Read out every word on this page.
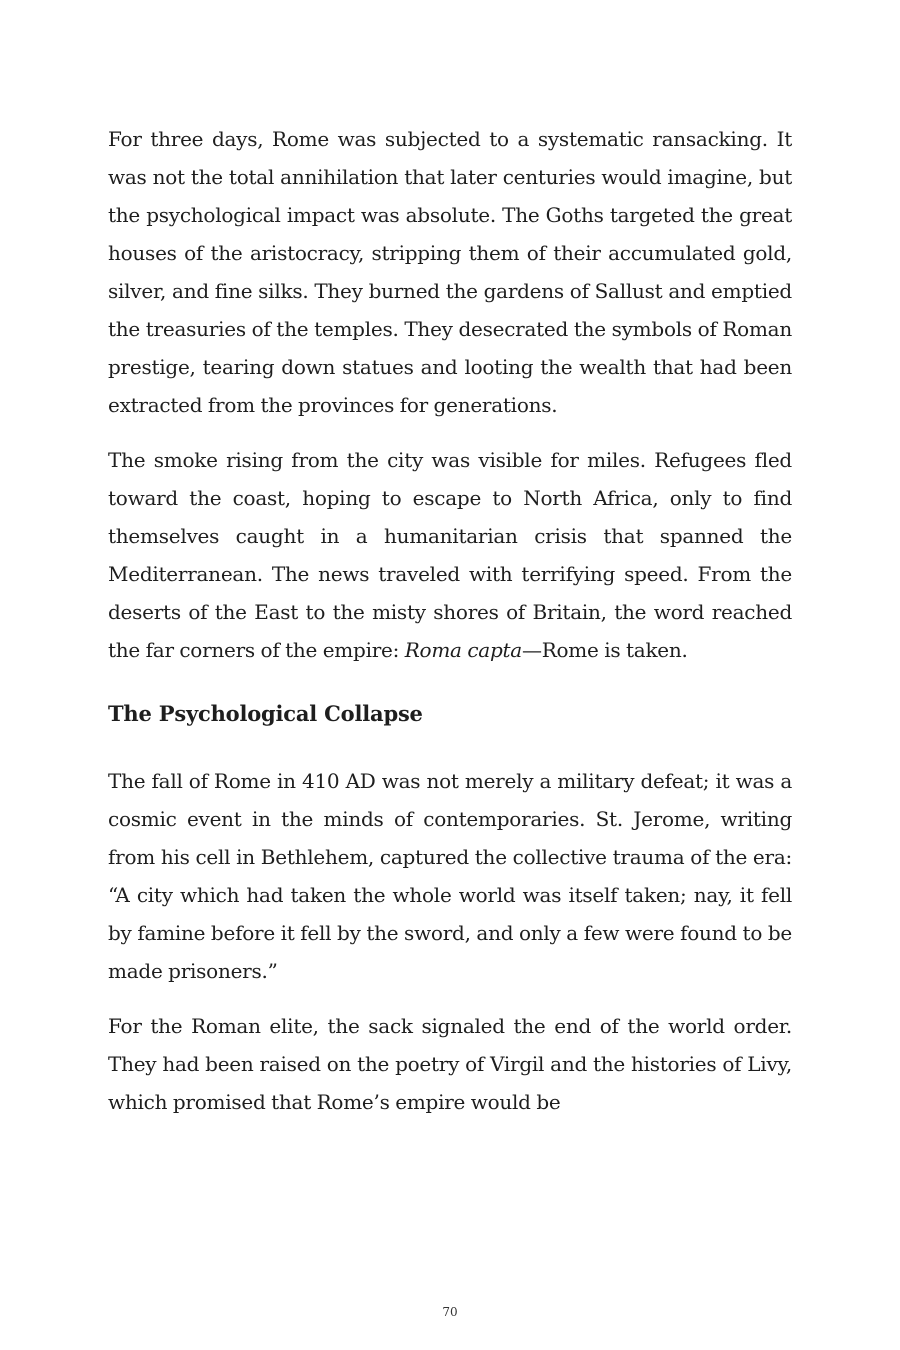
For three days, Rome was subjected to a systematic ransacking. It was not the total annihilation that later centuries would imagine, but the psychological impact was absolute. The Goths targeted the great houses of the aristocracy, stripping them of their accumulated gold, silver, and fine silks. They burned the gardens of Sallust and emptied the treasuries of the temples. They desecrated the symbols of Roman prestige, tearing down statues and looting the wealth that had been extracted from the provinces for generations.

The smoke rising from the city was visible for miles. Refugees fled toward the coast, hoping to escape to North Africa, only to find themselves caught in a humanitarian crisis that spanned the Mediterranean. The news traveled with terrifying speed. From the deserts of the East to the misty shores of Britain, the word reached the far corners of the empire: Roma capta—Rome is taken.

The Psychological Collapse

The fall of Rome in 410 AD was not merely a military defeat; it was a cosmic event in the minds of contemporaries. St. Jerome, writing from his cell in Bethlehem, captured the collective trauma of the era: “A city which had taken the whole world was itself taken; nay, it fell by famine before it fell by the sword, and only a few were found to be made prisoners.”

For the Roman elite, the sack signaled the end of the world order. They had been raised on the poetry of Virgil and the histories of Livy, which promised that Rome’s empire would be

70
